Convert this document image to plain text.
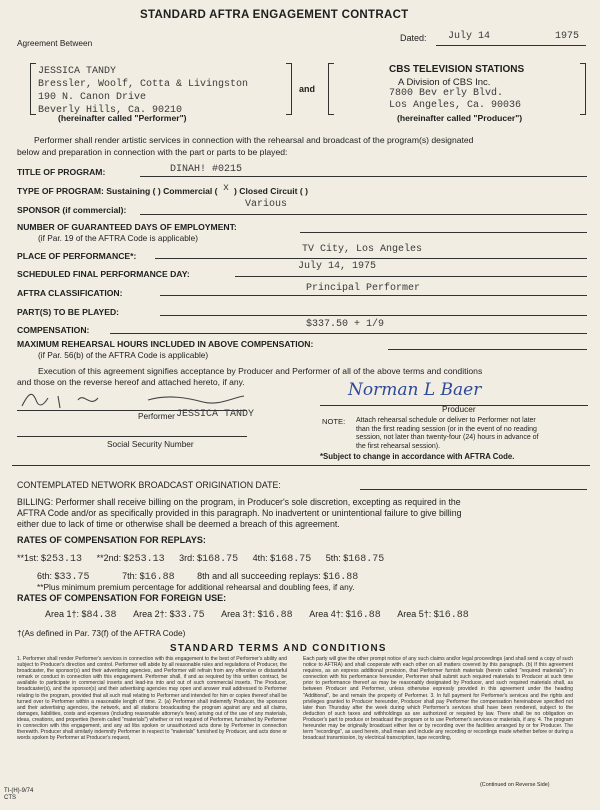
STANDARD AFTRA ENGAGEMENT CONTRACT
Agreement Between	Dated: July 14	1975
JESSICA TANDY
Bressler, Woolf, Cotta & Livingston
190 N. Canon Drive
Beverly Hills, Ca. 90210
(hereinafter called "Performer")
and
CBS TELEVISION STATIONS
A Division of CBS Inc.
7800 Bev erly Blvd.
Los Angeles, Ca. 90036
(hereinafter called "Producer")
Performer shall render artistic services in connection with the rehearsal and broadcast of the program(s) designated
below and preparation in connection with the part or parts to be played:
TITLE OF PROGRAM:	DINAH! #0215
TYPE OF PROGRAM: Sustaining ( ) Commercial ( x ) Closed Circuit ( )
SPONSOR (if commercial):	Various
NUMBER OF GUARANTEED DAYS OF EMPLOYMENT:
(if Par. 19 of the AFTRA Code is applicable)
PLACE OF PERFORMANCE*:
TV City, Los Angeles
SCHEDULED FINAL PERFORMANCE DAY:
July 14, 1975
AFTRA CLASSIFICATION:	Principal Performer
PART(S) TO BE PLAYED:
COMPENSATION:	$337.50 + 1/9
MAXIMUM REHEARSAL HOURS INCLUDED IN ABOVE COMPENSATION:
(if Par. 56(b) of the AFTRA Code is applicable)
Execution of this agreement signifies acceptance by Producer and Performer of all of the above terms and conditions
and those on the reverse hereof and attached hereto, if any.
Performer JESSICA TANDY
Social Security Number
Norman L Baer
Producer
NOTE: Attach rehearsal schedule or deliver to Performer not later
than the first reading session (or in the event of no reading
session, not later than twenty-four (24) hours in advance of
the first rehearsal session).
*Subject to change in accordance with AFTRA Code.
CONTEMPLATED NETWORK BROADCAST ORIGINATION DATE:
BILLING: Performer shall receive billing on the program, in Producer's sole discretion, excepting as required in the
AFTRA Code and/or as specifically provided in this paragraph. No inadvertent or unintentional failure to give billing
either due to lack of time or otherwise shall be deemed a breach of this agreement.
RATES OF COMPENSATION FOR REPLAYS:
**1st: $253.13 **2nd: $253.13 3rd: $168.75 4th: $168.75 5th: $168.75
6th: $33.75	7th: $16.88	8th and all succeeding replays: $16.88
**Plus minimum premium percentage for additional rehearsal and doubling fees, if any.
RATES OF COMPENSATION FOR FOREIGN USE:
Area 1†: $84.38 Area 2†: $33.75 Area 3†: $16.88 Area 4†: $16.88 Area 5†: $16.88
†(As defined in Par. 73(f) of the AFTRA Code)
STANDARD TERMS AND CONDITIONS
1. Performer shall render Performer's services in connection with this engagement to the best of Performer's ability and subject to Producer's direction and control. Performer will abide by all reasonable rules and regulations of Producer, the broadcaster, the sponsor(s) and their advertising agencies, and Performer will refrain from any offensive or distasteful remark or conduct in connection with this engagement. Performer shall, if and as required by this written contract, be available to participate in commercial inserts and lead-ins into and out of such commercial inserts. The Producer, broadcaster(s), and the sponsor(s) and their advertising agencies may open and answer mail addressed to Performer relating to the program, provided that all such mail relating to Performer and intended for him or copies thereof shall be turned over to Performer within a reasonable length of time. 2. (a) Performer shall indemnify Producer, the sponsors and their advertising agencies, the network, and all stations broadcasting the program against any and all claims, damages, liabilities, costs and expenses (including reasonable attorney's fees) arising out of the use of any materials, ideas, creations, and properties (herein called "materials") whether or not required of Performer, furnished by Performer in connection with this engagement, and any ad libs spoken or unauthorized acts done by Performer in connection therewith. Producer shall similarly indemnify Performer in respect to "materials" furnished by Producer, and acts done or words spoken by Performer at Producer's request,
Each party will give the other prompt notice of any such claims and/or legal proceedings (and shall send a copy of such notice to AFTRA) and shall cooperate with each other on all matters covered by this paragraph. (b) If this agreement requires, as an express additional provision, that Performer furnish materials (herein called "required materials") in connection with his performance hereunder, Performer shall submit such required materials to Producer at such time prior to performance thereof as may be reasonably designated by Producer, and such required materials shall, as between Producer and Performer, unless otherwise expressly provided in this agreement under the heading "Additional", be and remain the property of Performer. 3. In full payment for Performer's services and the rights and privileges granted to Producer hereunder, Producer shall pay Performer the compensation hereinabove specified not later than Thursday after the week during which Performer's services shall have been rendered, subject to the deduction of such taxes and withholdings as are authorized or required by law. There shall be no obligation on Producer's part to produce or broadcast the program or to use Performer's services or materials, if any. 4. The program hereunder may be originally broadcast either live or by recording over the facilities arranged by or for Producer. The term "recordings", as used herein, shall mean and include any recording or recordings made whether before or during a broadcast transmission, by electrical transcription, tape recording,
(Continued on Reverse Side)
TI-(H)-9/74
CTS
